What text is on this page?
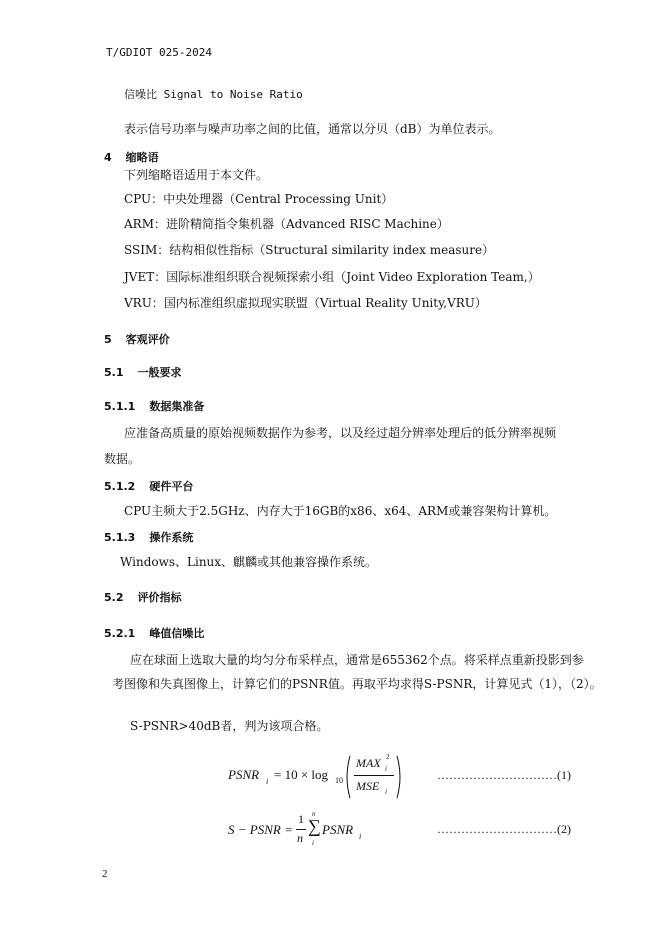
T/GDIOT 025-2024
信噪比 Signal to Noise Ratio
表示信号功率与噪声功率之间的比值，通常以分贝（dB）为单位表示。
4 缩略语
下列缩略语适用于本文件。
CPU：中央处理器（Central Processing Unit）
ARM：进阶精简指令集机器（Advanced RISC Machine）
SSIM：结构相似性指标（Structural similarity index measure）
JVET：国际标准组织联合视频探索小组（Joint Video Exploration Team,）
VRU：国内标准组织虚拟现实联盟（Virtual Reality Unity,VRU）
5 客观评价
5.1 一般要求
5.1.1 数据集准备
应准备高质量的原始视频数据作为参考，以及经过超分辨率处理后的低分辨率视频
数据。
5.1.2 硬件平台
CPU主频大于2.5GHz、内存大于16GB的x86、x64、ARM或兼容架构计算机。
5.1.3 操作系统
Windows、Linux、麒麟或其他兼容操作系统。
5.2 评价指标
5.2.1 峰值信噪比
应在球面上选取大量的均匀分布采样点，通常是655362个点。将采样点重新投影到参
考图像和失真图像上，计算它们的PSNR值。再取平均求得S-PSNR，计算见式（1），（2）。
S-PSNR>40dB者，判为该项合格。
PSNR i = 10 × log 10
MAX 2
i
MSE i
…………………………(1)
S − PSNR =
1
n
n
∑
i
PSNR i
…………………………(2)
2
